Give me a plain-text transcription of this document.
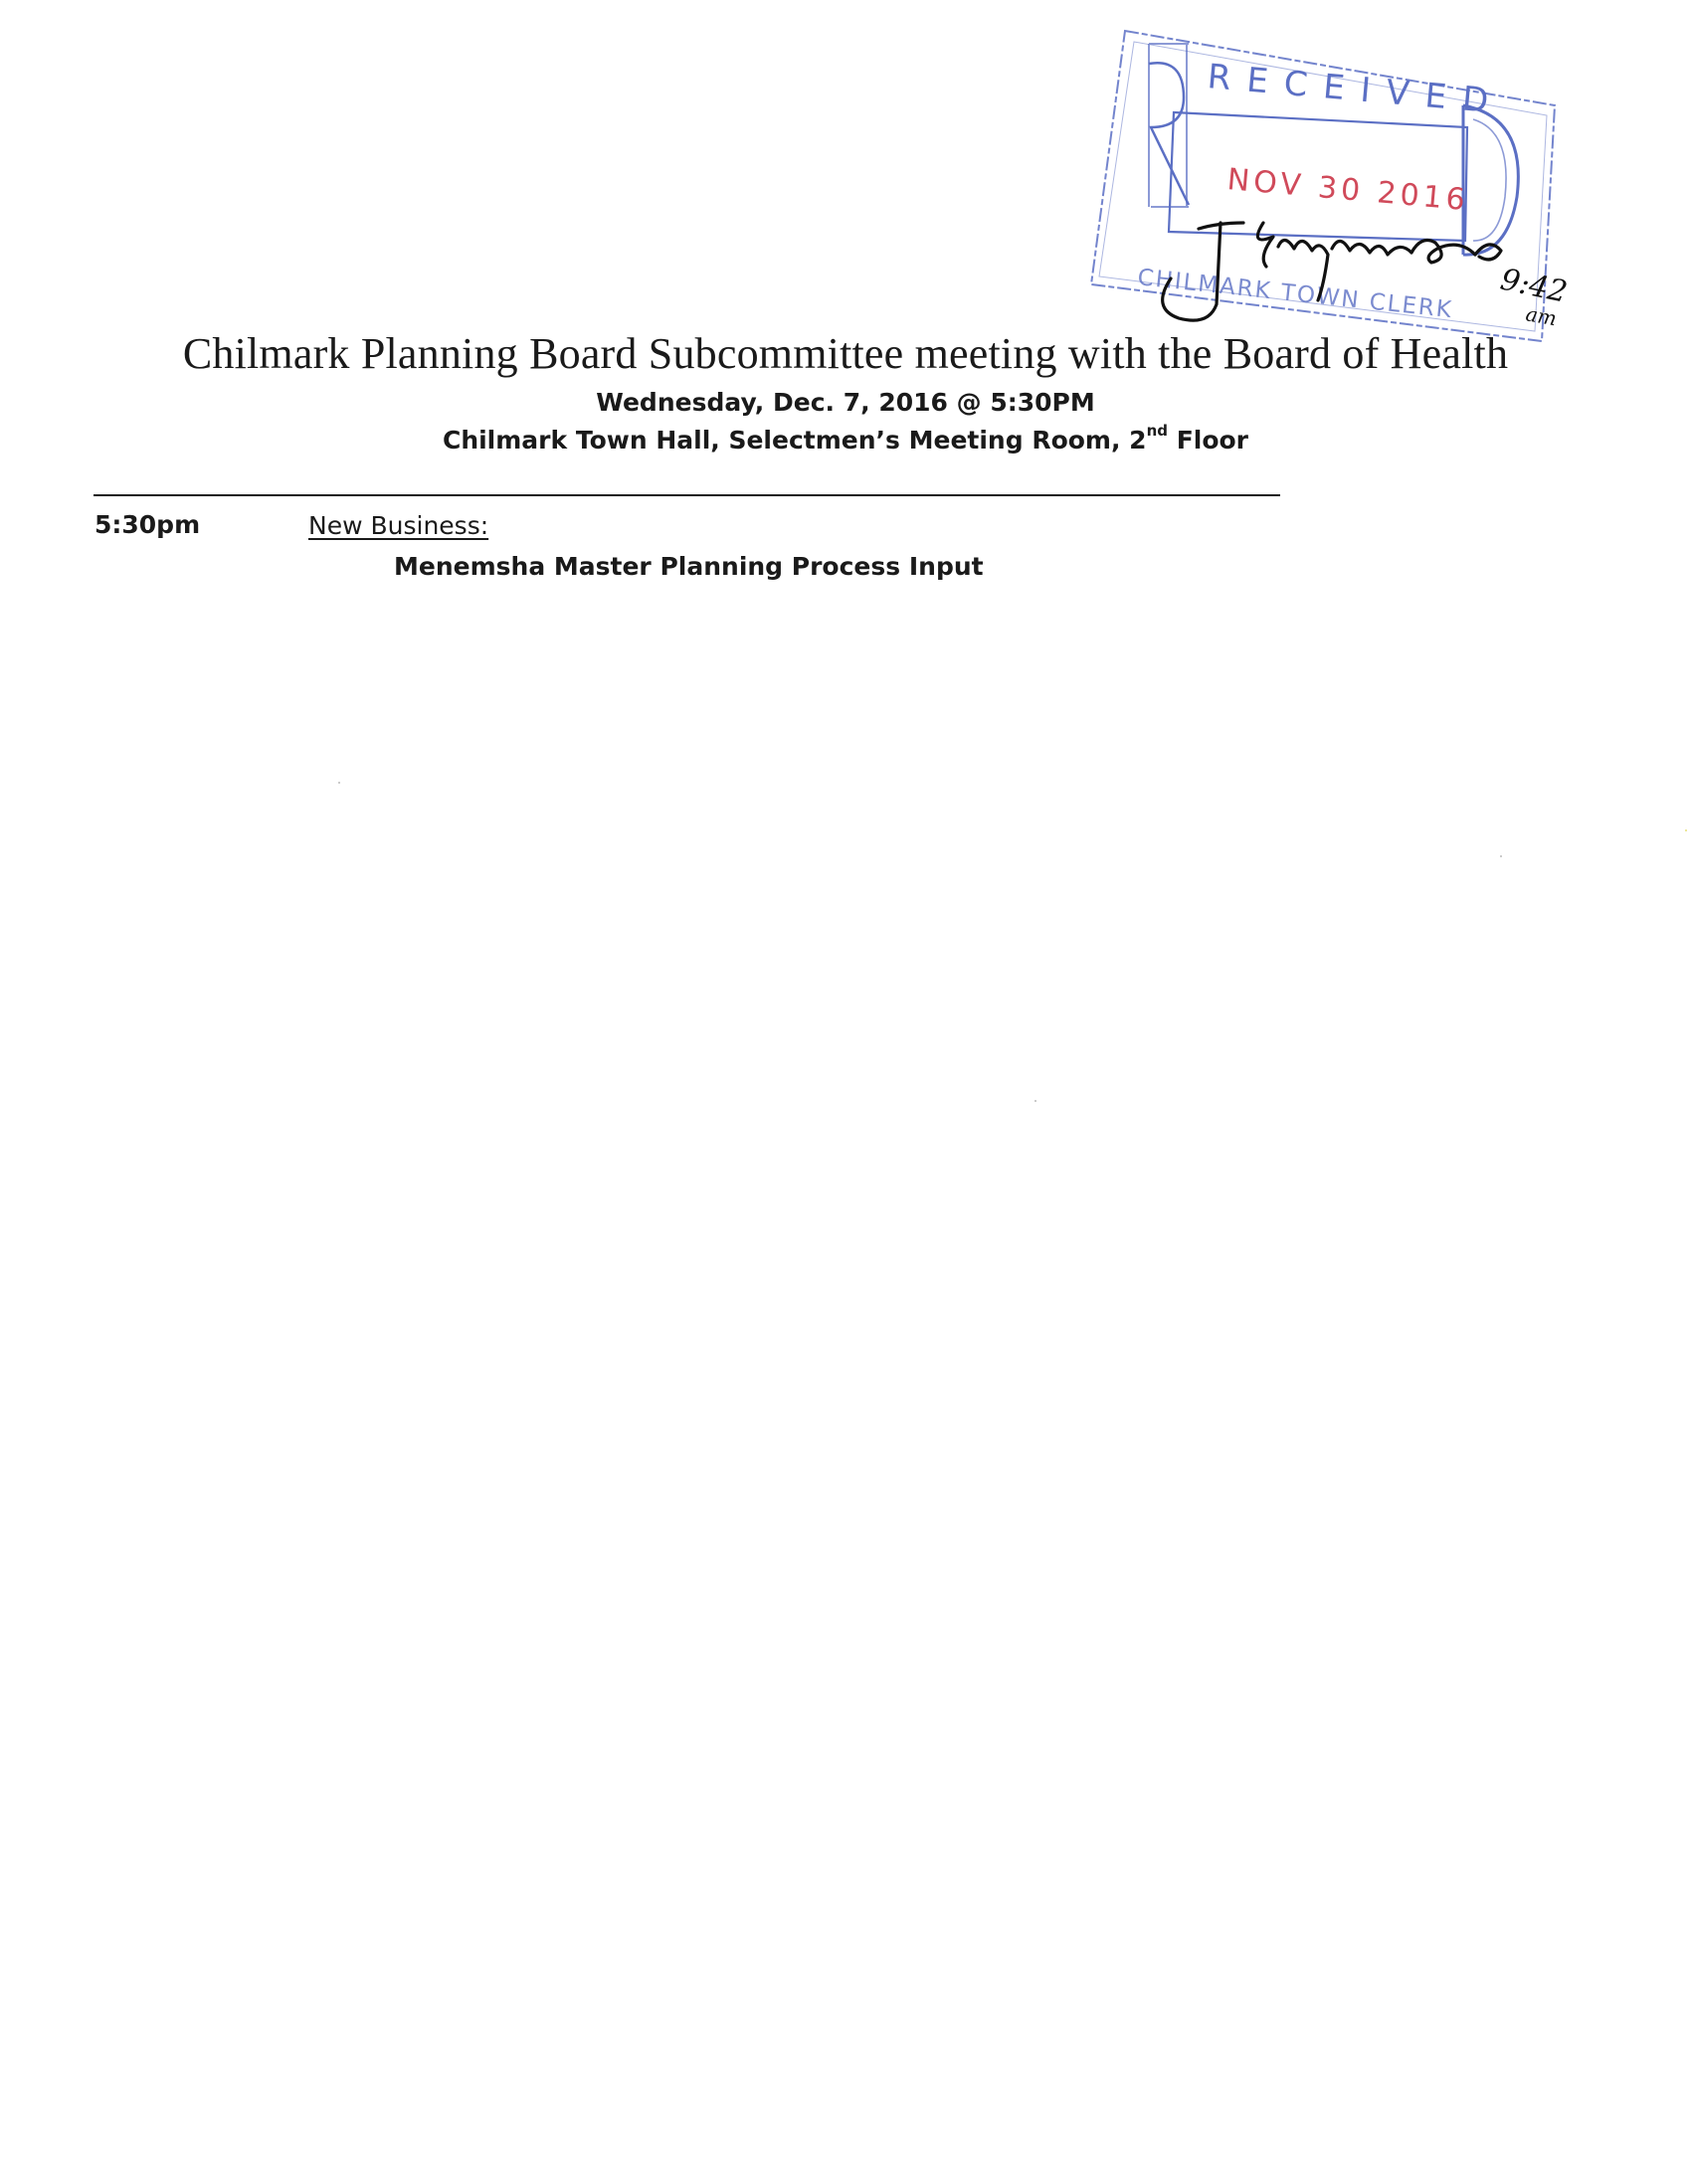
RECEIVED
NOV 30 2016
CHILMARK TOWN CLERK 9:42
am
Chilmark Planning Board Subcommittee meeting with the Board of Health
Wednesday, Dec. 7, 2016 @ 5:30PM
Chilmark Town Hall, Selectmen’s Meeting Room, 2nd Floor
5:30pm	New Business:
Menemsha Master Planning Process Input
